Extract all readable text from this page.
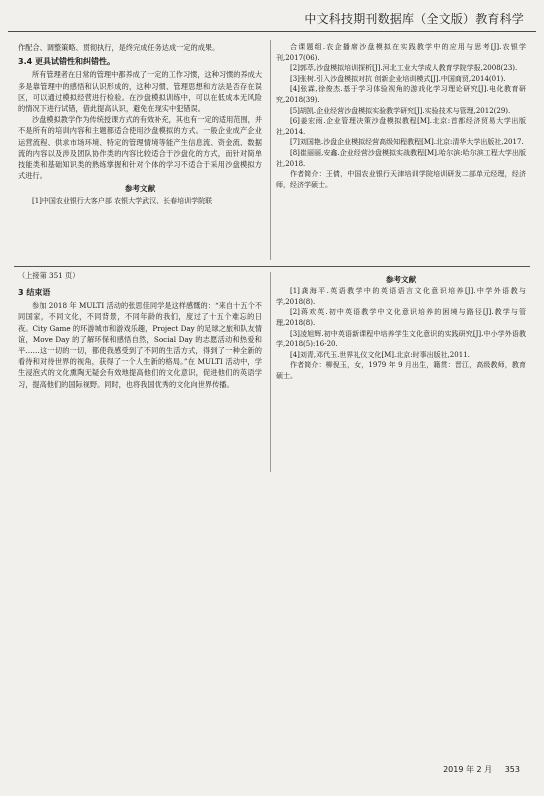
中文科技期刊数据库（全文版）教育科学

作配合、调整策略、贯彻执行，是终完成任务达成一定的成果。

3.4 更具试错性和纠错性。

所有管理者在日常的管理中都养成了一定的工作习惯，这种习惯的养成大多是靠管理中的感悟和认识形成的，这种习惯、管理思想和方法是否存在误区，可以通过模拟经营进行检验。在沙盘模拟训练中，可以在低成本无风险的情况下进行试错，借此提高认识，避免在现实中犯错误。

沙盘模拟教学作为传统授课方式的有效补充，其也有一定的适用范围，并不是所有的培训内容和主题都适合使用沙盘模拟的方式。一般企业成产企业运营流程、供求市场环境、特定的管理情境等能产生信息流、资金流、数据流的内容以及涉及团队协作类的内容比较适合于沙盘化的方式，而针对简单技能类和基础知识类的熟练掌握和针对个体的学习不适合于采用沙盘模拟方式进行。

参考文献

[1]中国农业银行大客户部 农银大学武汉、长春培训学院联

合课题组.农企播席沙盘模拟在实践教学中的应用与思考[J].农银学刊,2017(06).

[2]郭萃,沙盘模拟培训探析[J].河北工业大学成人教育学院学报,2008(23).

[3]张树.引入沙盘模拟对抗 创新企业培训模式[J].中国商贸,2014(01).

[4]张霖,徐俊杰.基于学习体验视角的游戏化学习理论研究[J].电化教育研究,2018(39).

[5]胡凯.企业经营沙盘模拟实验教学研究[J].实验技术与管理,2012(29).

[6]姜宏雨.企业管理决策沙盘模拟教程[M].北京:首都经济贸易大学出版社,2014.

[7]刘国艳.沙盘企业模拟经营高级知程教程[M].北京:清华大学出版社,2017.

[8]崔丽丽,安鑫.企业经营沙盘模拟实战教程[M].哈尔滨:哈尔滨工程大学出版社,2018.

作者简介：王倩，中国农业银行天津培训学院培训研发二部单元经理，经济师，经济学硕士。

（上接第 351 页）

3 结束语

参加 2018 年 MULTI 活动的张思佳同学是这样感慨的：“来自十五个不同国家，不同文化，不同背景，不同年龄的我们，度过了十五个难忘的日夜。City Game 的环游城市和游戏乐趣，Project Day 的足球之旅和队友情谊，Move Day 的了解环保和感悟自然，Social Day 的志愿活动和热爱和平……这一切的一切，都使我感受到了不同的生活方式，得到了一种全新的看待和对待世界的视角，获得了一个人生新的格局。”在 MULTI 活动中，学生浸泡式的文化熏陶无疑会有效地提高他们的文化意识，促进他们的英语学习，提高他们的国际视野。同时，也将我国优秀的文化向世界传播。

参考文献

[1]龚海平.英语教学中的英语语言文化意识培养[J].中学外语教与学,2018(8).

[2]蒋欢英.初中英语教学中文化意识培养的困境与路径[J].教学与管理,2018(8).

[3]凌旭辉.初中英语新课程中培养学生文化意识的实践研究[J].中小学外语教学,2018(5):16-20.

[4]刘青,邓代玉.世界礼仪文化[M].北京:时事出版社,2011.

作者简介：柳倪玉，女，1979 年 9 月出生，籍贯：晋江，高级教师，教育硕士。

2019 年 2 月 353
